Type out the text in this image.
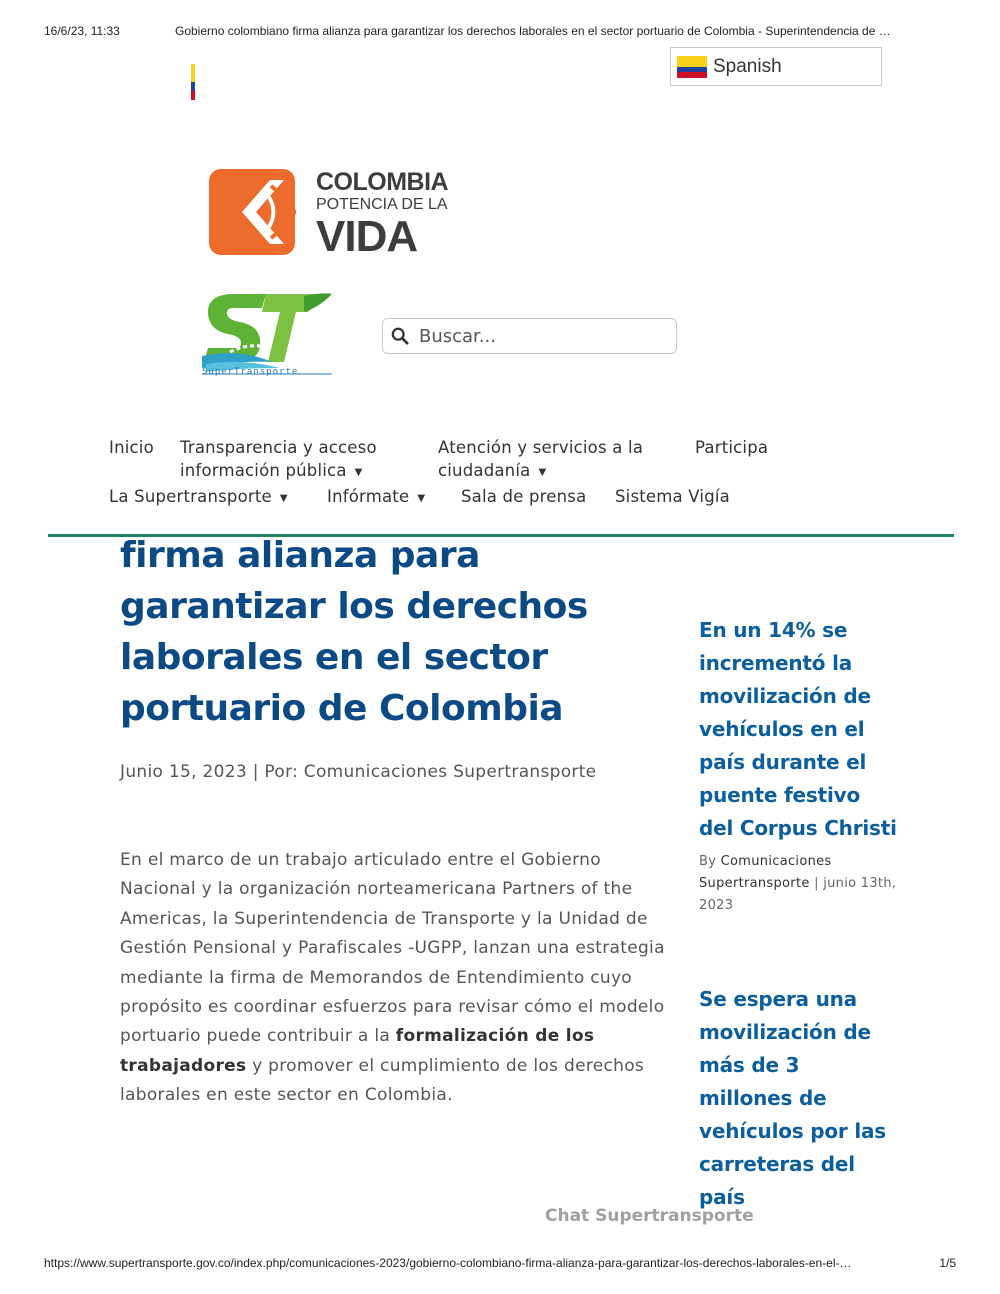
16/6/23, 11:33	Gobierno colombiano firma alianza para garantizar los derechos laborales en el sector portuario de Colombia - Superintendencia de …
Spanish
COLOMBIA
POTENCIA DE LA
VIDA
SuperTransporte
Buscar...
Inicio Transparencia y acceso
información pública ▼
Atención y servicios a la
ciudadanía ▼
Participa
La Supertransporte ▼ Infórmate ▼ Sala de prensa Sistema Vigía
firma alianza para garantizar los derechos laborales en el sector portuario de Colombia
Junio 15, 2023 | Por: Comunicaciones Supertransporte

En el marco de un trabajo articulado entre el Gobierno Nacional y la organización norteamericana Partners of the Americas, la Superintendencia de Transporte y la Unidad de Gestión Pensional y Parafiscales -UGPP, lanzan una estrategia mediante la firma de Memorandos de Entendimiento cuyo propósito es coordinar esfuerzos para revisar cómo el modelo portuario puede contribuir a la formalización de los trabajadores y promover el cumplimiento de los derechos laborales en este sector en Colombia.

En un 14% se incrementó la movilización de vehículos en el país durante el puente festivo del Corpus Christi
By Comunicaciones Supertransporte | junio 13th, 2023
Se espera una movilización de más de 3 millones de vehículos por las carreteras del país
Chat Supertransporte
https://www.supertransporte.gov.co/index.php/comunicaciones-2023/gobierno-colombiano-firma-alianza-para-garantizar-los-derechos-laborales-en-el-…	1/5
